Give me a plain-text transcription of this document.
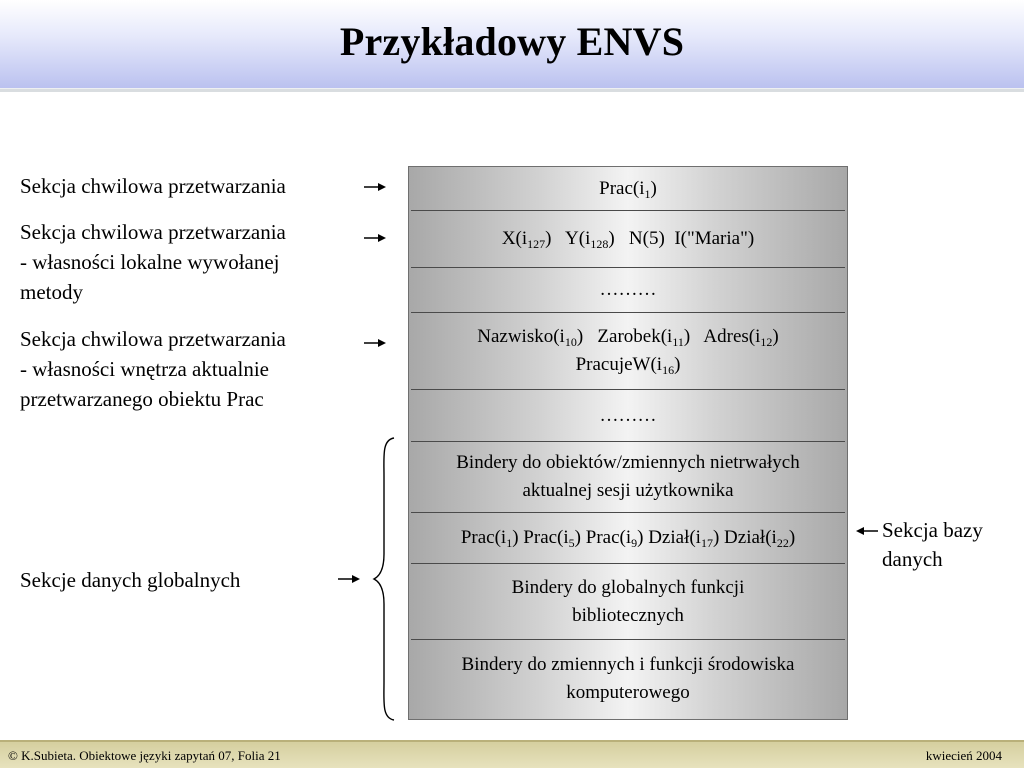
Przykładowy ENVS
Sekcja chwilowa przetwarzania
Sekcja chwilowa przetwarzania
- własności lokalne wywołanej
metody
Sekcja chwilowa przetwarzania
- własności wnętrza aktualnie
przetwarzanego obiektu Prac
Sekcje danych globalnych
$Prac(i_1)$
$X(i_{127})$ $Y(i_{128})$ N(5) I("Maria")
………
$Nazwisko(i_{10})$ $Zarobek(i_{11})$ $Adres(i_{12})$
$PracujeW(i_{16})$
………
Bindery do obiektów/zmiennych nietrwałych
aktualnej sesji użytkownika
$Prac(i_1)$ $Prac(i_5)$ $Prac(i_9)$ $Dział(i_{17})$ $Dział(i_{22})$
Bindery do globalnych funkcji
bibliotecznych
Bindery do zmiennych i funkcji środowiska
komputerowego
Sekcja bazy
danych
© K.Subieta. Obiektowe języki zapytań 07, Folia 21	kwiecień 2004
